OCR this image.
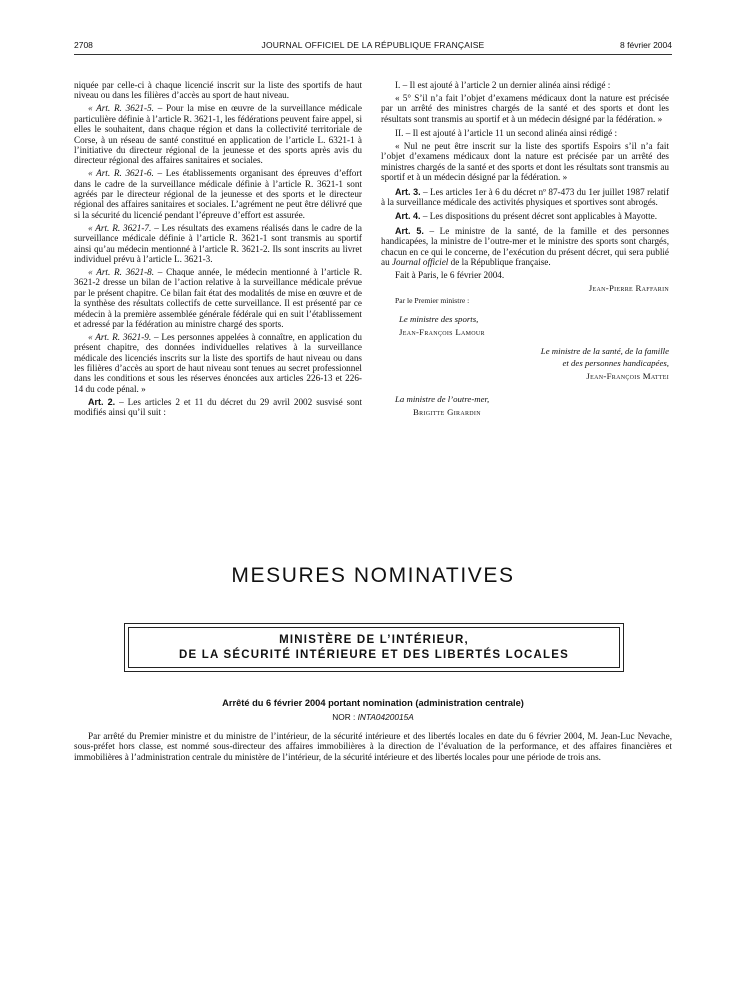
2708	JOURNAL OFFICIEL DE LA RÉPUBLIQUE FRANÇAISE	8 février 2004

niquée par celle-ci à chaque licencié inscrit sur la liste des sportifs de haut niveau ou dans les filières d’accès au sport de haut niveau.

« Art. R. 3621-5. – Pour la mise en œuvre de la surveillance médicale particulière définie à l’article R. 3621-1, les fédérations peuvent faire appel, si elles le souhaitent, dans chaque région et dans la collectivité territoriale de Corse, à un réseau de santé constitué en application de l’article L. 6321-1 à l’initiative du directeur régional de la jeunesse et des sports après avis du directeur régional des affaires sanitaires et sociales.

« Art. R. 3621-6. – Les établissements organisant des épreuves d’effort dans le cadre de la surveillance médicale définie à l’article R. 3621-1 sont agréés par le directeur régional de la jeunesse et des sports et le directeur régional des affaires sanitaires et sociales. L’agrément ne peut être délivré que si la sécurité du licencié pendant l’épreuve d’effort est assurée.

« Art. R. 3621-7. – Les résultats des examens réalisés dans le cadre de la surveillance médicale définie à l’article R. 3621-1 sont transmis au sportif ainsi qu’au médecin mentionné à l’article R. 3621-2. Ils sont inscrits au livret individuel prévu à l’article L. 3621-3.

« Art. R. 3621-8. – Chaque année, le médecin mentionné à l’article R. 3621-2 dresse un bilan de l’action relative à la surveillance médicale prévue par le présent chapitre. Ce bilan fait état des modalités de mise en œuvre et de la synthèse des résultats collectifs de cette surveillance. Il est présenté par ce médecin à la première assemblée générale fédérale qui en suit l’établissement et adressé par la fédération au ministre chargé des sports.

« Art. R. 3621-9. – Les personnes appelées à connaître, en application du présent chapitre, des données individuelles relatives à la surveillance médicale des licenciés inscrits sur la liste des sportifs de haut niveau ou dans les filières d’accès au sport de haut niveau sont tenues au secret professionnel dans les conditions et sous les réserves énoncées aux articles 226-13 et 226-14 du code pénal. »

Art. 2. – Les articles 2 et 11 du décret du 29 avril 2002 susvisé sont modifiés ainsi qu’il suit :

I. – Il est ajouté à l’article 2 un dernier alinéa ainsi rédigé :

« 5° S’il n’a fait l’objet d’examens médicaux dont la nature est précisée par un arrêté des ministres chargés de la santé et des sports et dont les résultats sont transmis au sportif et à un médecin désigné par la fédération. »

II. – Il est ajouté à l’article 11 un second alinéa ainsi rédigé :

« Nul ne peut être inscrit sur la liste des sportifs Espoirs s’il n’a fait l’objet d’examens médicaux dont la nature est précisée par un arrêté des ministres chargés de la santé et des sports et dont les résultats sont transmis au sportif et à un médecin désigné par la fédération. »

Art. 3. – Les articles 1er à 6 du décret nº 87-473 du 1er juillet 1987 relatif à la surveillance médicale des activités physiques et sportives sont abrogés.

Art. 4. – Les dispositions du présent décret sont applicables à Mayotte.

Art. 5. – Le ministre de la santé, de la famille et des personnes handicapées, la ministre de l’outre-mer et le ministre des sports sont chargés, chacun en ce qui le concerne, de l’exécution du présent décret, qui sera publié au Journal officiel de la République française.

Fait à Paris, le 6 février 2004.

Jean-Pierre Raffarin

Par le Premier ministre :

Le ministre des sports,

Jean-François Lamour

Le ministre de la santé, de la famille

et des personnes handicapées,

Jean-François Mattei

La ministre de l’outre-mer,

Brigitte Girardin

MESURES NOMINATIVES
MINISTÈRE DE L’INTÉRIEUR,
DE LA SÉCURITÉ INTÉRIEURE ET DES LIBERTÉS LOCALES
Arrêté du 6 février 2004 portant nomination (administration centrale)
NOR : INTA0420015A

Par arrêté du Premier ministre et du ministre de l’intérieur, de la sécurité intérieure et des libertés locales en date du 6 février 2004, M. Jean-Luc Nevache, sous-préfet hors classe, est nommé sous-directeur des affaires immobilières à la direction de l’évaluation de la performance, et des affaires financières et immobilières à l’administration centrale du ministère de l’intérieur, de la sécurité intérieure et des libertés locales pour une période de trois ans.
